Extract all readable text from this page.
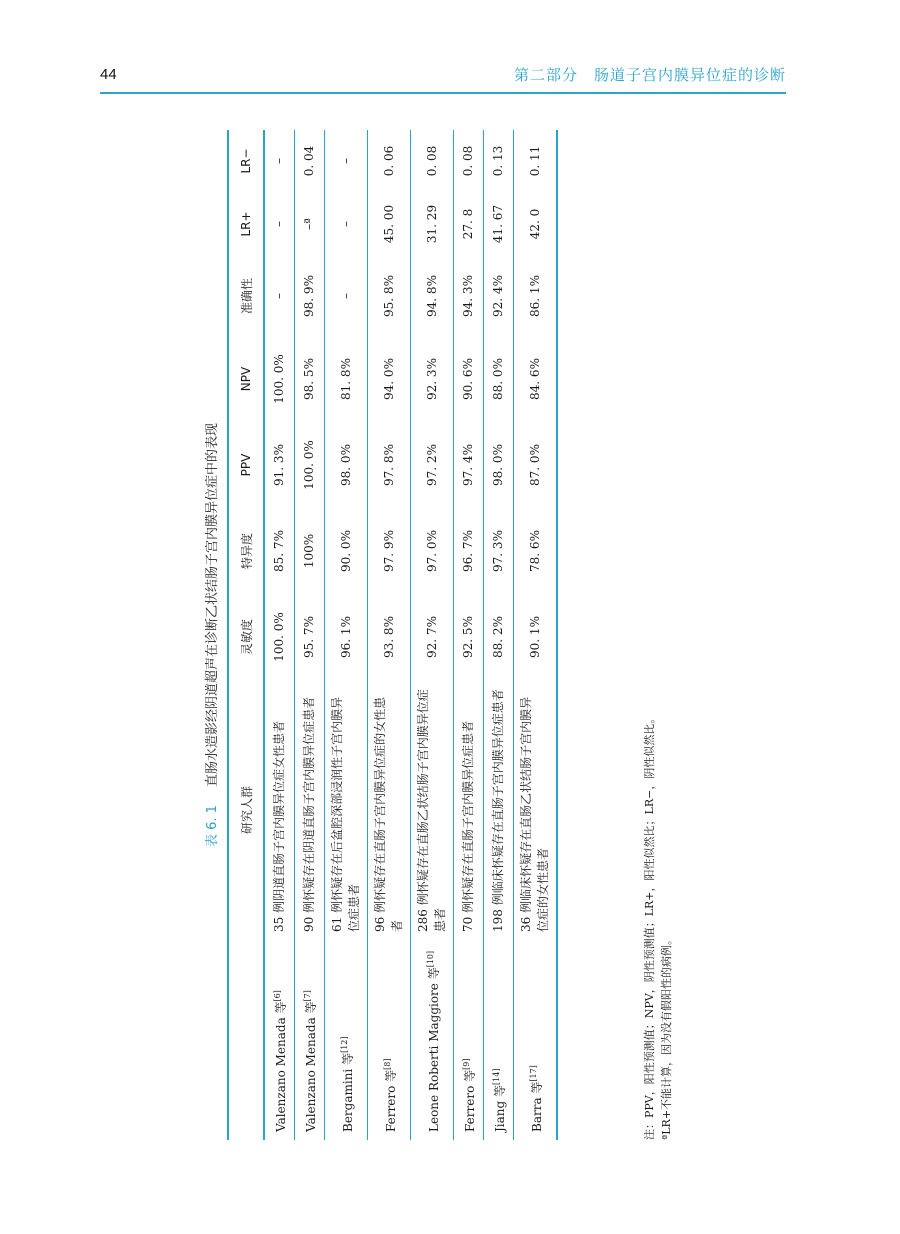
44	第二部分　肠道子宫内膜异位症的诊断
表 6. 1 直肠水造影经阴道超声在诊断乙状结肠子宫内膜异位症中的表现
	研究人群	灵敏度	特异度	PPV	NPV	准确性	LR+	LR−
Valenzano Menada 等[6]	35 例阴道直肠子宫内膜异位症女性患者	100. 0%	85. 7%	91. 3%	100. 0%	–	–	–
Valenzano Menada 等[7]	90 例怀疑存在阴道直肠子宫内膜异位症患者	95. 7%	100%	100. 0%	98. 5%	98. 9%	–ª	0. 04
Bergamini 等[12]	61 例怀疑存在后盆腔深部浸润性子宫内膜异位症患者	96. 1%	90. 0%	98. 0%	81. 8%	–	–	–
Ferrero 等[8]	96 例怀疑存在直肠子宫内膜异位症的女性患者	93. 8%	97. 9%	97. 8%	94. 0%	95. 8%	45. 00	0. 06
Leone Roberti Maggiore 等[10]	286 例怀疑存在直肠乙状结肠子宫内膜异位症患者	92. 7%	97. 0%	97. 2%	92. 3%	94. 8%	31. 29	0. 08
Ferrero 等[9]	70 例怀疑存在直肠子宫内膜异位症患者	92. 5%	96. 7%	97. 4%	90. 6%	94. 3%	27. 8	0. 08
Jiang 等[14]	198 例临床怀疑存在直肠子宫内膜异位症患者	88. 2%	97. 3%	98. 0%	88. 0%	92. 4%	41. 67	0. 13
Barra 等[17]	36 例临床怀疑存在直肠乙状结肠子宫内膜异位症的女性患者	90. 1%	78. 6%	87. 0%	84. 6%	86. 1%	42. 0	0. 11
注：PPV，阳性预测值；NPV，阴性预测值；LR+，阳性似然比；LR−，阴性似然比。 ªLR+不能计算，因为没有假阳性的病例。
